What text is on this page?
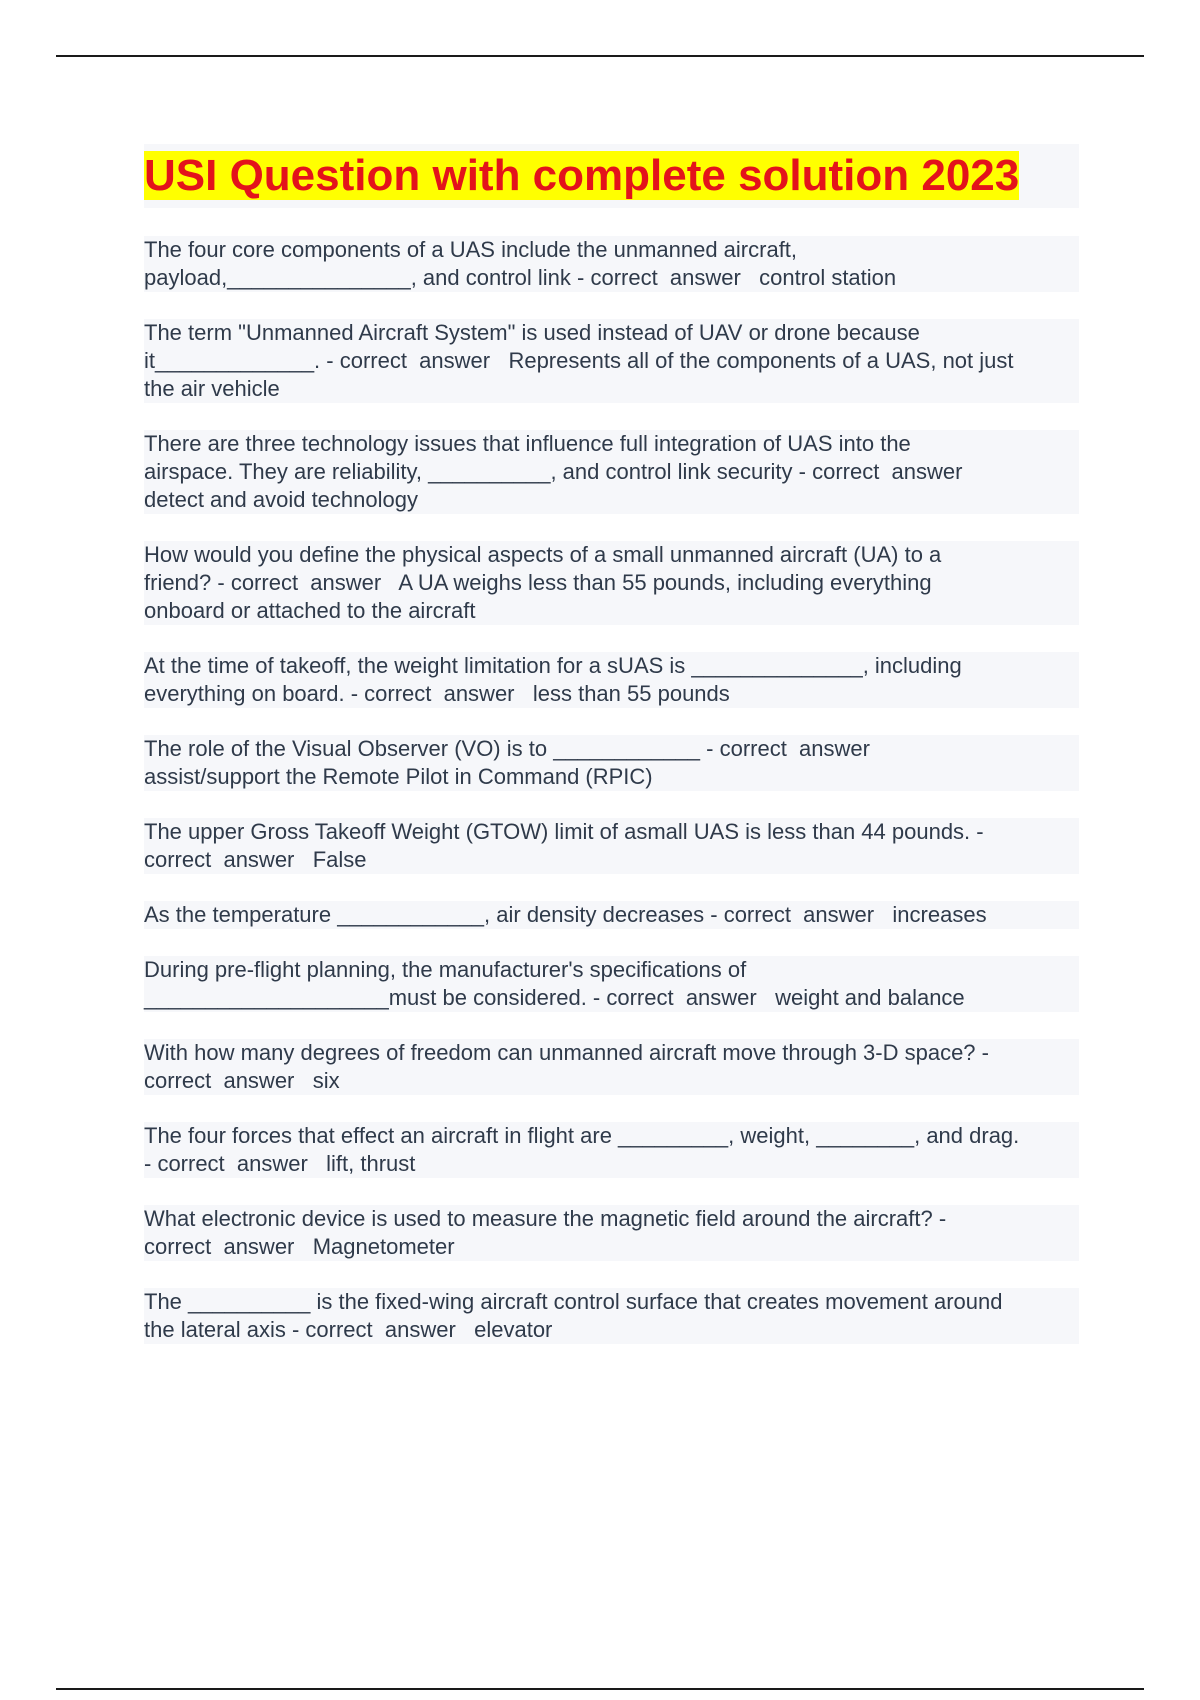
USI Question with complete solution 2023

The four core components of a UAS include the unmanned aircraft,
payload,_______________, and control link - correct  answer   control station

The term "Unmanned Aircraft System" is used instead of UAV or drone because
it_____________. - correct  answer   Represents all of the components of a UAS, not just
the air vehicle

There are three technology issues that influence full integration of UAS into the
airspace. They are reliability, __________, and control link security - correct  answer
detect and avoid technology

How would you define the physical aspects of a small unmanned aircraft (UA) to a
friend? - correct  answer   A UA weighs less than 55 pounds, including everything
onboard or attached to the aircraft

At the time of takeoff, the weight limitation for a sUAS is ______________, including
everything on board. - correct  answer   less than 55 pounds

The role of the Visual Observer (VO) is to ____________ - correct  answer
assist/support the Remote Pilot in Command (RPIC)

The upper Gross Takeoff Weight (GTOW) limit of asmall UAS is less than 44 pounds. -
correct  answer   False

As the temperature ____________, air density decreases - correct  answer   increases

During pre-flight planning, the manufacturer's specifications of
____________________must be considered. - correct  answer   weight and balance

With how many degrees of freedom can unmanned aircraft move through 3-D space? -
correct  answer   six

The four forces that effect an aircraft in flight are _________, weight, ________, and drag.
- correct  answer   lift, thrust

What electronic device is used to measure the magnetic field around the aircraft? -
correct  answer   Magnetometer

The __________ is the fixed-wing aircraft control surface that creates movement around
the lateral axis - correct  answer   elevator
